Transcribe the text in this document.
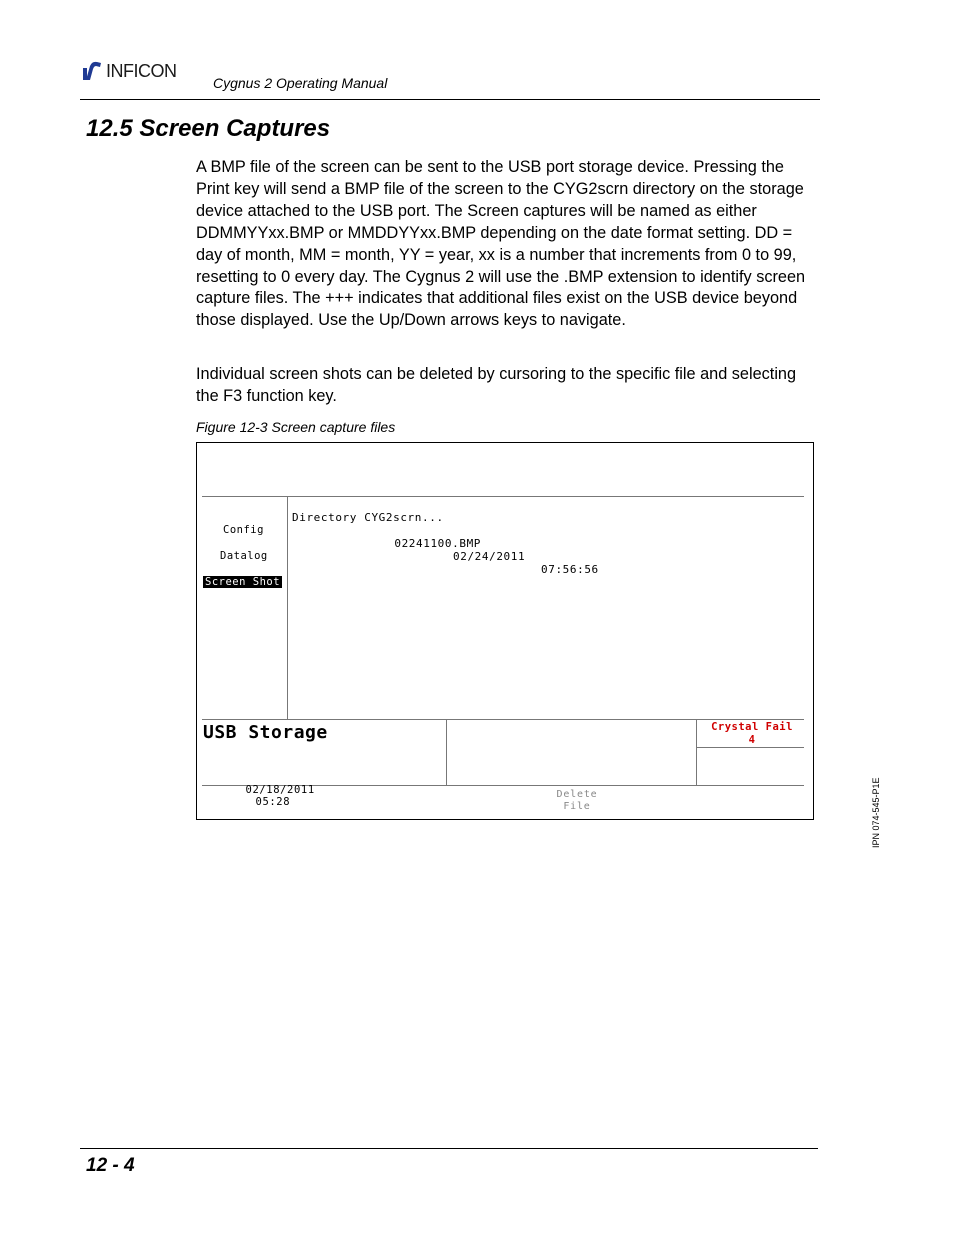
INFICON
Cygnus 2 Operating Manual
12.5 Screen Captures
A BMP file of the screen can be sent to the USB port storage device. Pressing the Print key will send a BMP file of the screen to the CYG2scrn directory on the storage device attached to the USB port. The Screen captures will be named as either DDMMYYxx.BMP or MMDDYYxx.BMP depending on the date format setting. DD = day of month, MM = month, YY = year, xx is a number that increments from 0 to 99, resetting to 0 every day. The Cygnus 2 will use the .BMP extension to identify screen capture files. The +++ indicates that additional files exist on the USB device beyond those displayed. Use the Up/Down arrows keys to navigate.
Individual screen shots can be deleted by cursoring to the specific file and selecting the F3 function key.
Figure 12-3 Screen capture files
Config
Datalog
Screen Shot
Directory CYG2scrn...

02241100.BMP

02/24/2011

07:56:56

USB Storage

02/18/2011
05:28

Crystal Fail
4
Delete
File	IPN 074-545-P1E
12 - 4
